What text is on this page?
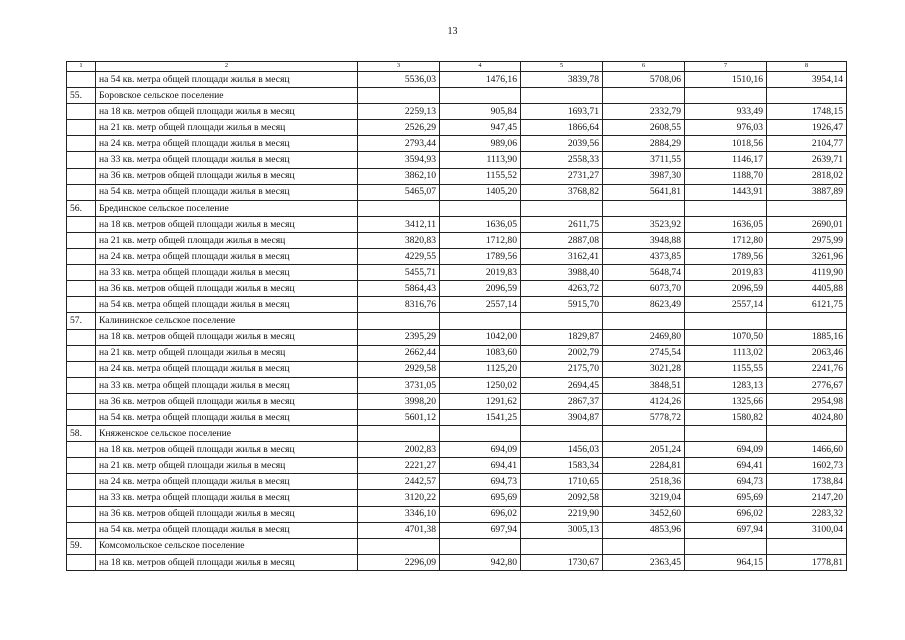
13
1	2	3	4	5	6	7	8
	на 54 кв. метра общей площади жилья в месяц	5536,03	1476,16	3839,78	5708,06	1510,16	3954,14
55.	Боровское сельское поселение						
	на 18 кв. метров общей площади жилья в месяц	2259,13	905,84	1693,71	2332,79	933,49	1748,15
	на 21 кв. метр общей площади жилья в месяц	2526,29	947,45	1866,64	2608,55	976,03	1926,47
	на 24 кв. метра общей площади жилья в месяц	2793,44	989,06	2039,56	2884,29	1018,56	2104,77
	на 33 кв. метра общей площади жилья в месяц	3594,93	1113,90	2558,33	3711,55	1146,17	2639,71
	на 36 кв. метров общей площади жилья в месяц	3862,10	1155,52	2731,27	3987,30	1188,70	2818,02
	на 54 кв. метра общей площади жилья в месяц	5465,07	1405,20	3768,82	5641,81	1443,91	3887,89
56.	Брединское сельское поселение						
	на 18 кв. метров общей площади жилья в месяц	3412,11	1636,05	2611,75	3523,92	1636,05	2690,01
	на 21 кв. метр общей площади жилья в месяц	3820,83	1712,80	2887,08	3948,88	1712,80	2975,99
	на 24 кв. метра общей площади жилья в месяц	4229,55	1789,56	3162,41	4373,85	1789,56	3261,96
	на 33 кв. метра общей площади жилья в месяц	5455,71	2019,83	3988,40	5648,74	2019,83	4119,90
	на 36 кв. метров общей площади жилья в месяц	5864,43	2096,59	4263,72	6073,70	2096,59	4405,88
	на 54 кв. метра общей площади жилья в месяц	8316,76	2557,14	5915,70	8623,49	2557,14	6121,75
57.	Калининское сельское поселение						
	на 18 кв. метров общей площади жилья в месяц	2395,29	1042,00	1829,87	2469,80	1070,50	1885,16
	на 21 кв. метр общей площади жилья в месяц	2662,44	1083,60	2002,79	2745,54	1113,02	2063,46
	на 24 кв. метра общей площади жилья в месяц	2929,58	1125,20	2175,70	3021,28	1155,55	2241,76
	на 33 кв. метра общей площади жилья в месяц	3731,05	1250,02	2694,45	3848,51	1283,13	2776,67
	на 36 кв. метров общей площади жилья в месяц	3998,20	1291,62	2867,37	4124,26	1325,66	2954,98
	на 54 кв. метра общей площади жилья в месяц	5601,12	1541,25	3904,87	5778,72	1580,82	4024,80
58.	Княженское сельское поселение						
	на 18 кв. метров общей площади жилья в месяц	2002,83	694,09	1456,03	2051,24	694,09	1466,60
	на 21 кв. метр общей площади жилья в месяц	2221,27	694,41	1583,34	2284,81	694,41	1602,73
	на 24 кв. метра общей площади жилья в месяц	2442,57	694,73	1710,65	2518,36	694,73	1738,84
	на 33 кв. метра общей площади жилья в месяц	3120,22	695,69	2092,58	3219,04	695,69	2147,20
	на 36 кв. метров общей площади жилья в месяц	3346,10	696,02	2219,90	3452,60	696,02	2283,32
	на 54 кв. метра общей площади жилья в месяц	4701,38	697,94	3005,13	4853,96	697,94	3100,04
59.	Комсомольское сельское поселение						
	на 18 кв. метров общей площади жилья в месяц	2296,09	942,80	1730,67	2363,45	964,15	1778,81
